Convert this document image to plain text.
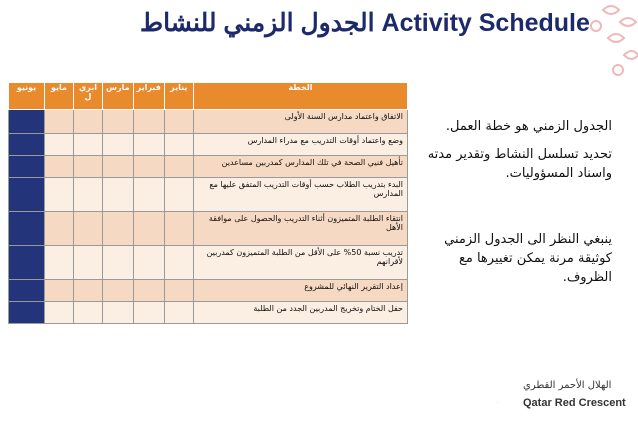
الجدول الزمني للنشاط Activity Schedule
الخطة	يناير	فبراير	مارس	ابري ل	مايو	يونيو
الاتفاق واعتماد مدارس السنة الأولى						
وضع واعتماد أوقات التدريب مع مدراء المدارس						
تأهيل فنيي الصحة في تلك المدارس كمدربين مساعدين						
البدء بتدريب الطلاب حسب أوقات التدريب المتفق عليها مع المدارس						
انتقاء الطلبة المتميزون أثناء التدريب والحصول على موافقة الأهل						
تدريب نسبة 50% على الأقل من الطلبة المتميزون كمدربين لأقرانهم						
إعداد التقرير النهائي للمشروع						
حفل الختام وتخريج المدربين الجدد من الطلبة						
الجدول الزمني هو خطة العمل.
تحديد تسلسل النشاط وتقدير مدته واسناد المسؤوليات.
ينبغي النظر الى الجدول الزمني كوثيقة مرنة يمكن تغييرها مع الظروف.
الهلال الأحمر القطري
Qatar Red Crescent
